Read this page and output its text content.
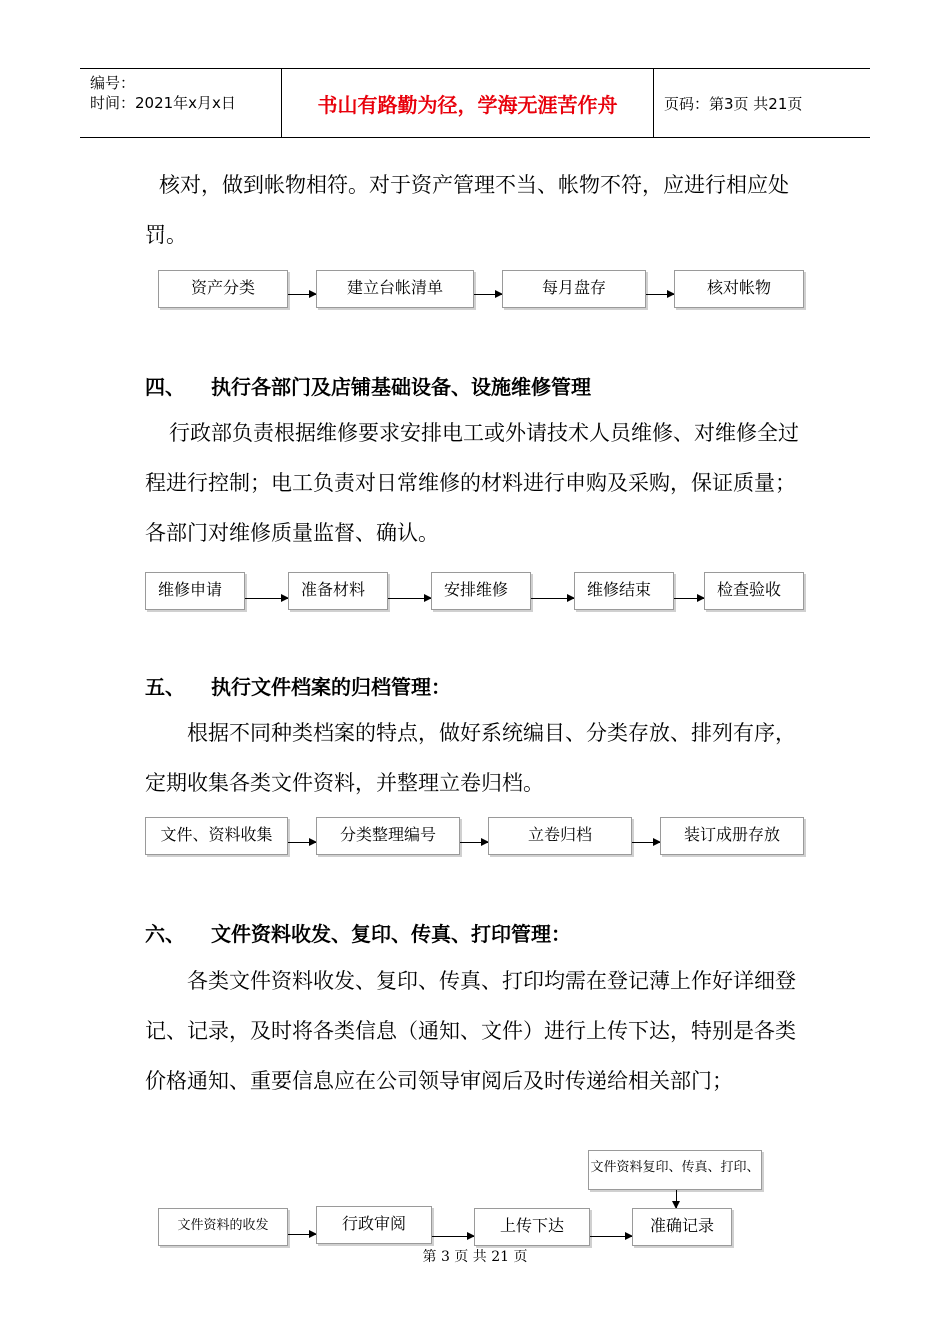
编号：
时间：2021年x月x日	书山有路勤为径，学海无涯苦作舟	页码：第3页 共21页

核对，做到帐物相符。对于资产管理不当、帐物不符，应进行相应处罚。

资产分类	建立台帐清单	每月盘存	核对帐物
四、 执行各部门及店铺基础设备、设施维修管理

行政部负责根据维修要求安排电工或外请技术人员维修、对维修全过程进行控制；电工负责对日常维修的材料进行申购及采购，保证质量；各部门对维修质量监督、确认。

维修申请	准备材料	安排维修	维修结束	检查验收
五、 执行文件档案的归档管理：

根据不同种类档案的特点，做好系统编目、分类存放、排列有序，定期收集各类文件资料，并整理立卷归档。

文件、资料收集	分类整理编号	立卷归档	装订成册存放
六、 文件资料收发、复印、传真、打印管理：

各类文件资料收发、复印、传真、打印均需在登记薄上作好详细登记、记录，及时将各类信息（通知、文件）进行上传下达，特别是各类价格通知、重要信息应在公司领导审阅后及时传递给相关部门；

文件资料复印、传真、打印、
文件资料的收发	行政审阅	上传下达	准确记录
第 3 页 共 21 页
